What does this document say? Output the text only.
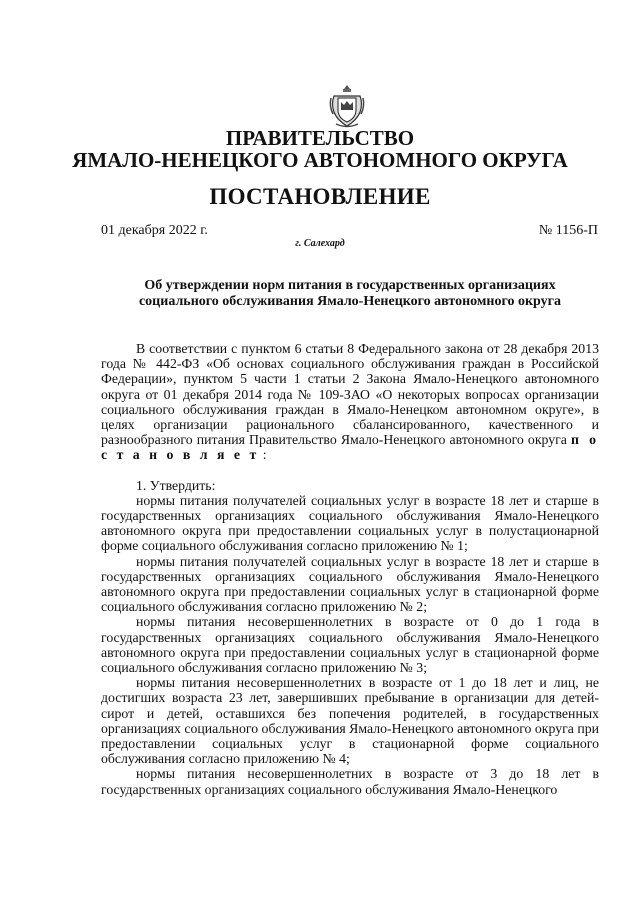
ПРАВИТЕЛЬСТВО
ЯМАЛО-НЕНЕЦКОГО АВТОНОМНОГО ОКРУГА
ПОСТАНОВЛЕНИЕ
01 декабря 2022 г.	№ 1156-П
г. Салехард
Об утверждении норм питания в государственных организациях социального обслуживания Ямало-Ненецкого автономного округа

В соответствии с пунктом 6 статьи 8 Федерального закона от 28 декабря 2013 года № 442-ФЗ «Об основах социального обслуживания граждан в Российской Федерации», пунктом 5 части 1 статьи 2 Закона Ямало-Ненецкого автономного округа от 01 декабря 2014 года № 109-ЗАО «О некоторых вопросах организации социального обслуживания граждан в Ямало-Ненецком автономном округе», в целях организации рационального сбалансированного, качественного и разнообразного питания Правительство Ямало-Ненецкого автономного округа п о с т а н о в л я е т :

1. Утвердить:

нормы питания получателей социальных услуг в возрасте 18 лет и старше в государственных организациях социального обслуживания Ямало-Ненецкого автономного округа при предоставлении социальных услуг в полустационарной форме социального обслуживания согласно приложению № 1;

нормы питания получателей социальных услуг в возрасте 18 лет и старше в государственных организациях социального обслуживания Ямало-Ненецкого автономного округа при предоставлении социальных услуг в стационарной форме социального обслуживания согласно приложению № 2;

нормы питания несовершеннолетних в возрасте от 0 до 1 года в государственных организациях социального обслуживания Ямало-Ненецкого автономного округа при предоставлении социальных услуг в стационарной форме социального обслуживания согласно приложению № 3;

нормы питания несовершеннолетних в возрасте от 1 до 18 лет и лиц, не достигших возраста 23 лет, завершивших пребывание в организации для детей-сирот и детей, оставшихся без попечения родителей, в государственных организациях социального обслуживания Ямало-Ненецкого автономного округа при предоставлении социальных услуг в стационарной форме социального обслуживания согласно приложению № 4;

нормы питания несовершеннолетних в возрасте от 3 до 18 лет в государственных организациях социального обслуживания Ямало-Ненецкого
